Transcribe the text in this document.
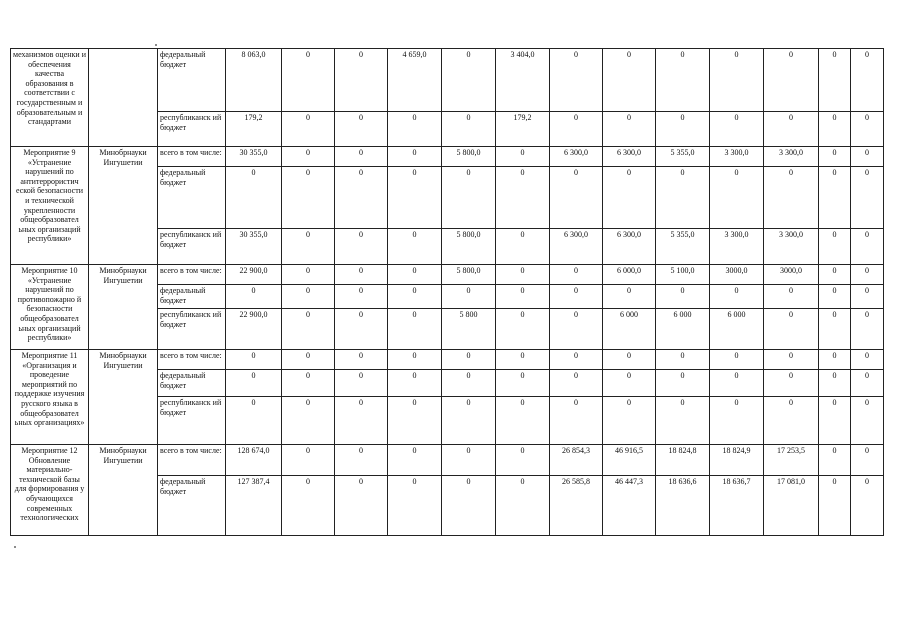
механизмов оценки и обеспечения качества образования в соответствии с государственным и образовательным и стандартами		федеральный бюджет	8 063,0	0	0	4 659,0	0	3 404,0	0	0	0	0	0	0	0
		республиканск ий бюджет	179,2	0	0	0	0	179,2	0	0	0	0	0	0	0
Мероприятие 9 «Устранение нарушений по антитеррористич еской безопасности и технической укрепленности общеобразовател ьных организаций республики»	Минобрнауки Ингушетии	всего в том числе:	30 355,0	0	0	0	5 800,0	0	6 300,0	6 300,0	5 355,0	3 300,0	3 300,0	0	0
		федеральный бюджет	0	0	0	0	0	0	0	0	0	0	0	0	0
		республиканск ий бюджет	30 355,0	0	0	0	5 800,0	0	6 300,0	6 300,0	5 355,0	3 300,0	3 300,0	0	0
Мероприятие 10 «Устранение нарушений по противопожарно й безопасности общеобразовател ьных организаций республики»	Минобрнауки Ингушетии	всего в том числе:	22 900,0	0	0	0	5 800,0	0	0	6 000,0	5 100,0	3000,0	3000,0	0	0
		федеральный бюджет	0	0	0	0	0	0	0	0	0	0	0	0	0
		республиканск ий бюджет	22 900,0	0	0	0	5 800	0	0	6 000	6 000	6 000	0	0	0
Мероприятие 11 «Организация и проведение мероприятий по поддержке изучения русского языка в общеобразовател ьных организациях»	Минобрнауки Ингушетии	всего в том числе:	0	0	0	0	0	0	0	0	0	0	0	0	0
		федеральный бюджет	0	0	0	0	0	0	0	0	0	0	0	0	0
		республиканск ий бюджет	0	0	0	0	0	0	0	0	0	0	0	0	0
Мероприятие 12 Обновление материально- технической базы для формирования у обучающихся современных технологических	Минобрнауки Ингушетии	всего в том числе:	128 674,0	0	0	0	0	0	26 854,3	46 916,5	18 824,8	18 824,9	17 253,5	0	0
		федеральный бюджет	127 387,4	0	0	0	0	0	26 585,8	46 447,3	18 636,6	18 636,7	17 081,0	0	0
